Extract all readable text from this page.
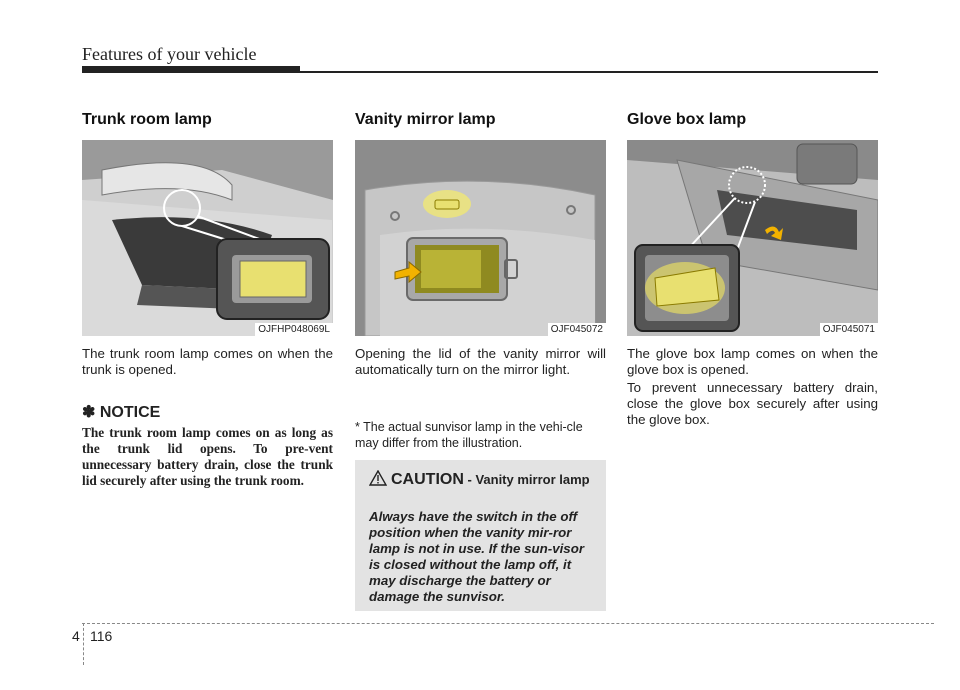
Features of your vehicle
Trunk room lamp
OJFHP048069L

The trunk room lamp comes on when the trunk is opened.

✽ NOTICE

The trunk room lamp comes on as long as the trunk lid opens. To pre-vent unnecessary battery drain, close the trunk lid securely after using the trunk room.

Vanity mirror lamp
OJF045072

Opening the lid of the vanity mirror will automatically turn on the mirror light.

* The actual sunvisor lamp in the vehi-cle may differ from the illustration.

CAUTION - Vanity mirror lamp

Always have the switch in the off position when the vanity mir-ror lamp is not in use. If the sun-visor is closed without the lamp off, it may discharge the battery or damage the sunvisor.

Glove box lamp
OJF045071

The glove box lamp comes on when the glove box is opened.

To prevent unnecessary battery drain, close the glove box securely after using the glove box.

4 116
